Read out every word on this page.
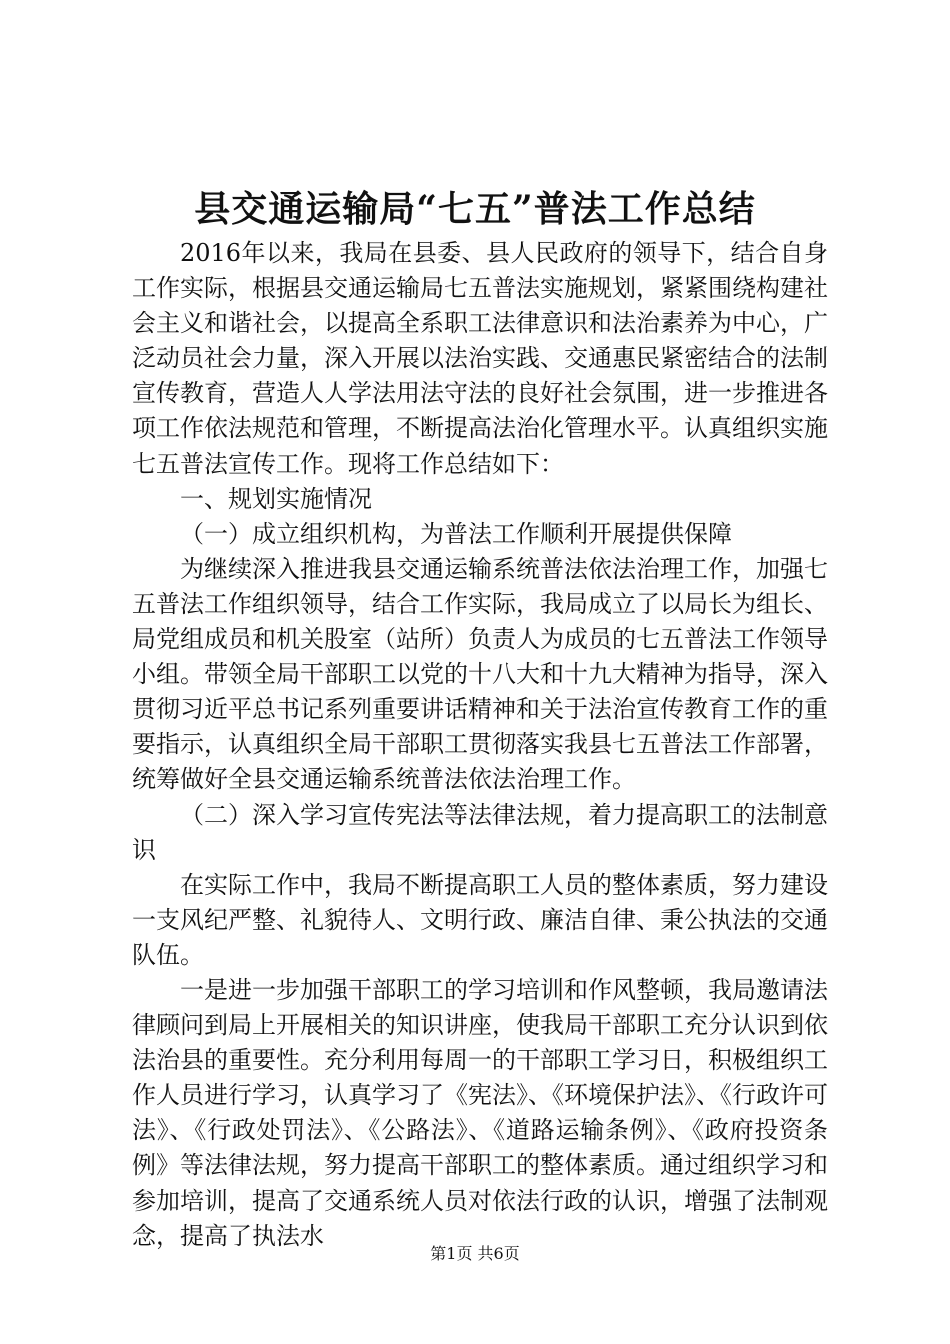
县交通运输局“七五”普法工作总结

2016年以来，我局在县委、县人民政府的领导下，结合自身工作实际，根据县交通运输局七五普法实施规划，紧紧围绕构建社会主义和谐社会，以提高全系职工法律意识和法治素养为中心，广泛动员社会力量，深入开展以法治实践、交通惠民紧密结合的法制宣传教育，营造人人学法用法守法的良好社会氛围，进一步推进各项工作依法规范和管理，不断提高法治化管理水平。认真组织实施七五普法宣传工作。现将工作总结如下：

一、规划实施情况

（一）成立组织机构，为普法工作顺利开展提供保障

为继续深入推进我县交通运输系统普法依法治理工作，加强七五普法工作组织领导，结合工作实际，我局成立了以局长为组长、局党组成员和机关股室（站所）负责人为成员的七五普法工作领导小组。带领全局干部职工以党的十八大和十九大精神为指导，深入贯彻习近平总书记系列重要讲话精神和关于法治宣传教育工作的重要指示，认真组织全局干部职工贯彻落实我县七五普法工作部署，统筹做好全县交通运输系统普法依法治理工作。

（二）深入学习宣传宪法等法律法规，着力提高职工的法制意识

在实际工作中，我局不断提高职工人员的整体素质，努力建设一支风纪严整、礼貌待人、文明行政、廉洁自律、秉公执法的交通队伍。

一是进一步加强干部职工的学习培训和作风整顿，我局邀请法律顾问到局上开展相关的知识讲座，使我局干部职工充分认识到依法治县的重要性。充分利用每周一的干部职工学习日，积极组织工作人员进行学习，认真学习了《宪法》、《环境保护法》、《行政许可法》、《行政处罚法》、《公路法》、《道路运输条例》、《政府投资条例》等法律法规，努力提高干部职工的整体素质。通过组织学习和参加培训，提高了交通系统人员对依法行政的认识，增强了法制观念，提高了执法水

第1页 共6页
